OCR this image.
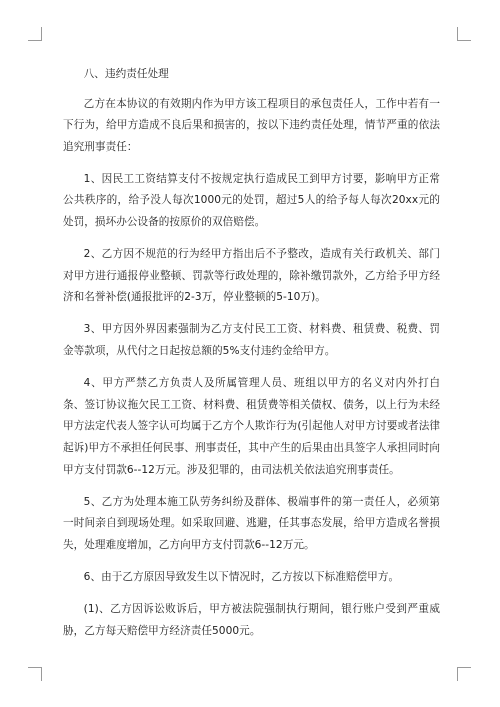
八、违约责任处理

乙方在本协议的有效期内作为甲方该工程项目的承包责任人，工作中若有一下行为，给甲方造成不良后果和损害的，按以下违约责任处理，情节严重的依法追究刑事责任：

1、因民工工资结算支付不按规定执行造成民工到甲方讨要，影响甲方正常公共秩序的，给予没人每次1000元的处罚，超过5人的给予每人每次20xx元的处罚，损坏办公设备的按原价的双倍赔偿。

2、乙方因不规范的行为经甲方指出后不予整改，造成有关行政机关、部门对甲方进行通报停业整顿、罚款等行政处理的，除补缴罚款外，乙方给予甲方经济和名誉补偿(通报批评的2-3万，停业整顿的5-10万)。

3、甲方因外界因素强制为乙方支付民工工资、材料费、租赁费、税费、罚金等款项，从代付之日起按总额的5%支付违约金给甲方。

4、甲方严禁乙方负责人及所属管理人员、班组以甲方的名义对内外打白条、签订协议拖欠民工工资、材料费、租赁费等相关债权、债务，以上行为未经甲方法定代表人签字认可均属于乙方个人欺诈行为(引起他人对甲方讨要或者法律起诉)甲方不承担任何民事、刑事责任，其中产生的后果由出具签字人承担同时向甲方支付罚款6--12万元。涉及犯罪的，由司法机关依法追究刑事责任。

5、乙方为处理本施工队劳务纠纷及群体、极端事件的第一责任人，必须第一时间亲自到现场处理。如采取回避、逃避，任其事态发展，给甲方造成名誉损失，处理难度增加，乙方向甲方支付罚款6--12万元。

6、由于乙方原因导致发生以下情况时，乙方按以下标准赔偿甲方。

(1)、乙方因诉讼败诉后，甲方被法院强制执行期间，银行账户受到严重威胁，乙方每天赔偿甲方经济责任5000元。
